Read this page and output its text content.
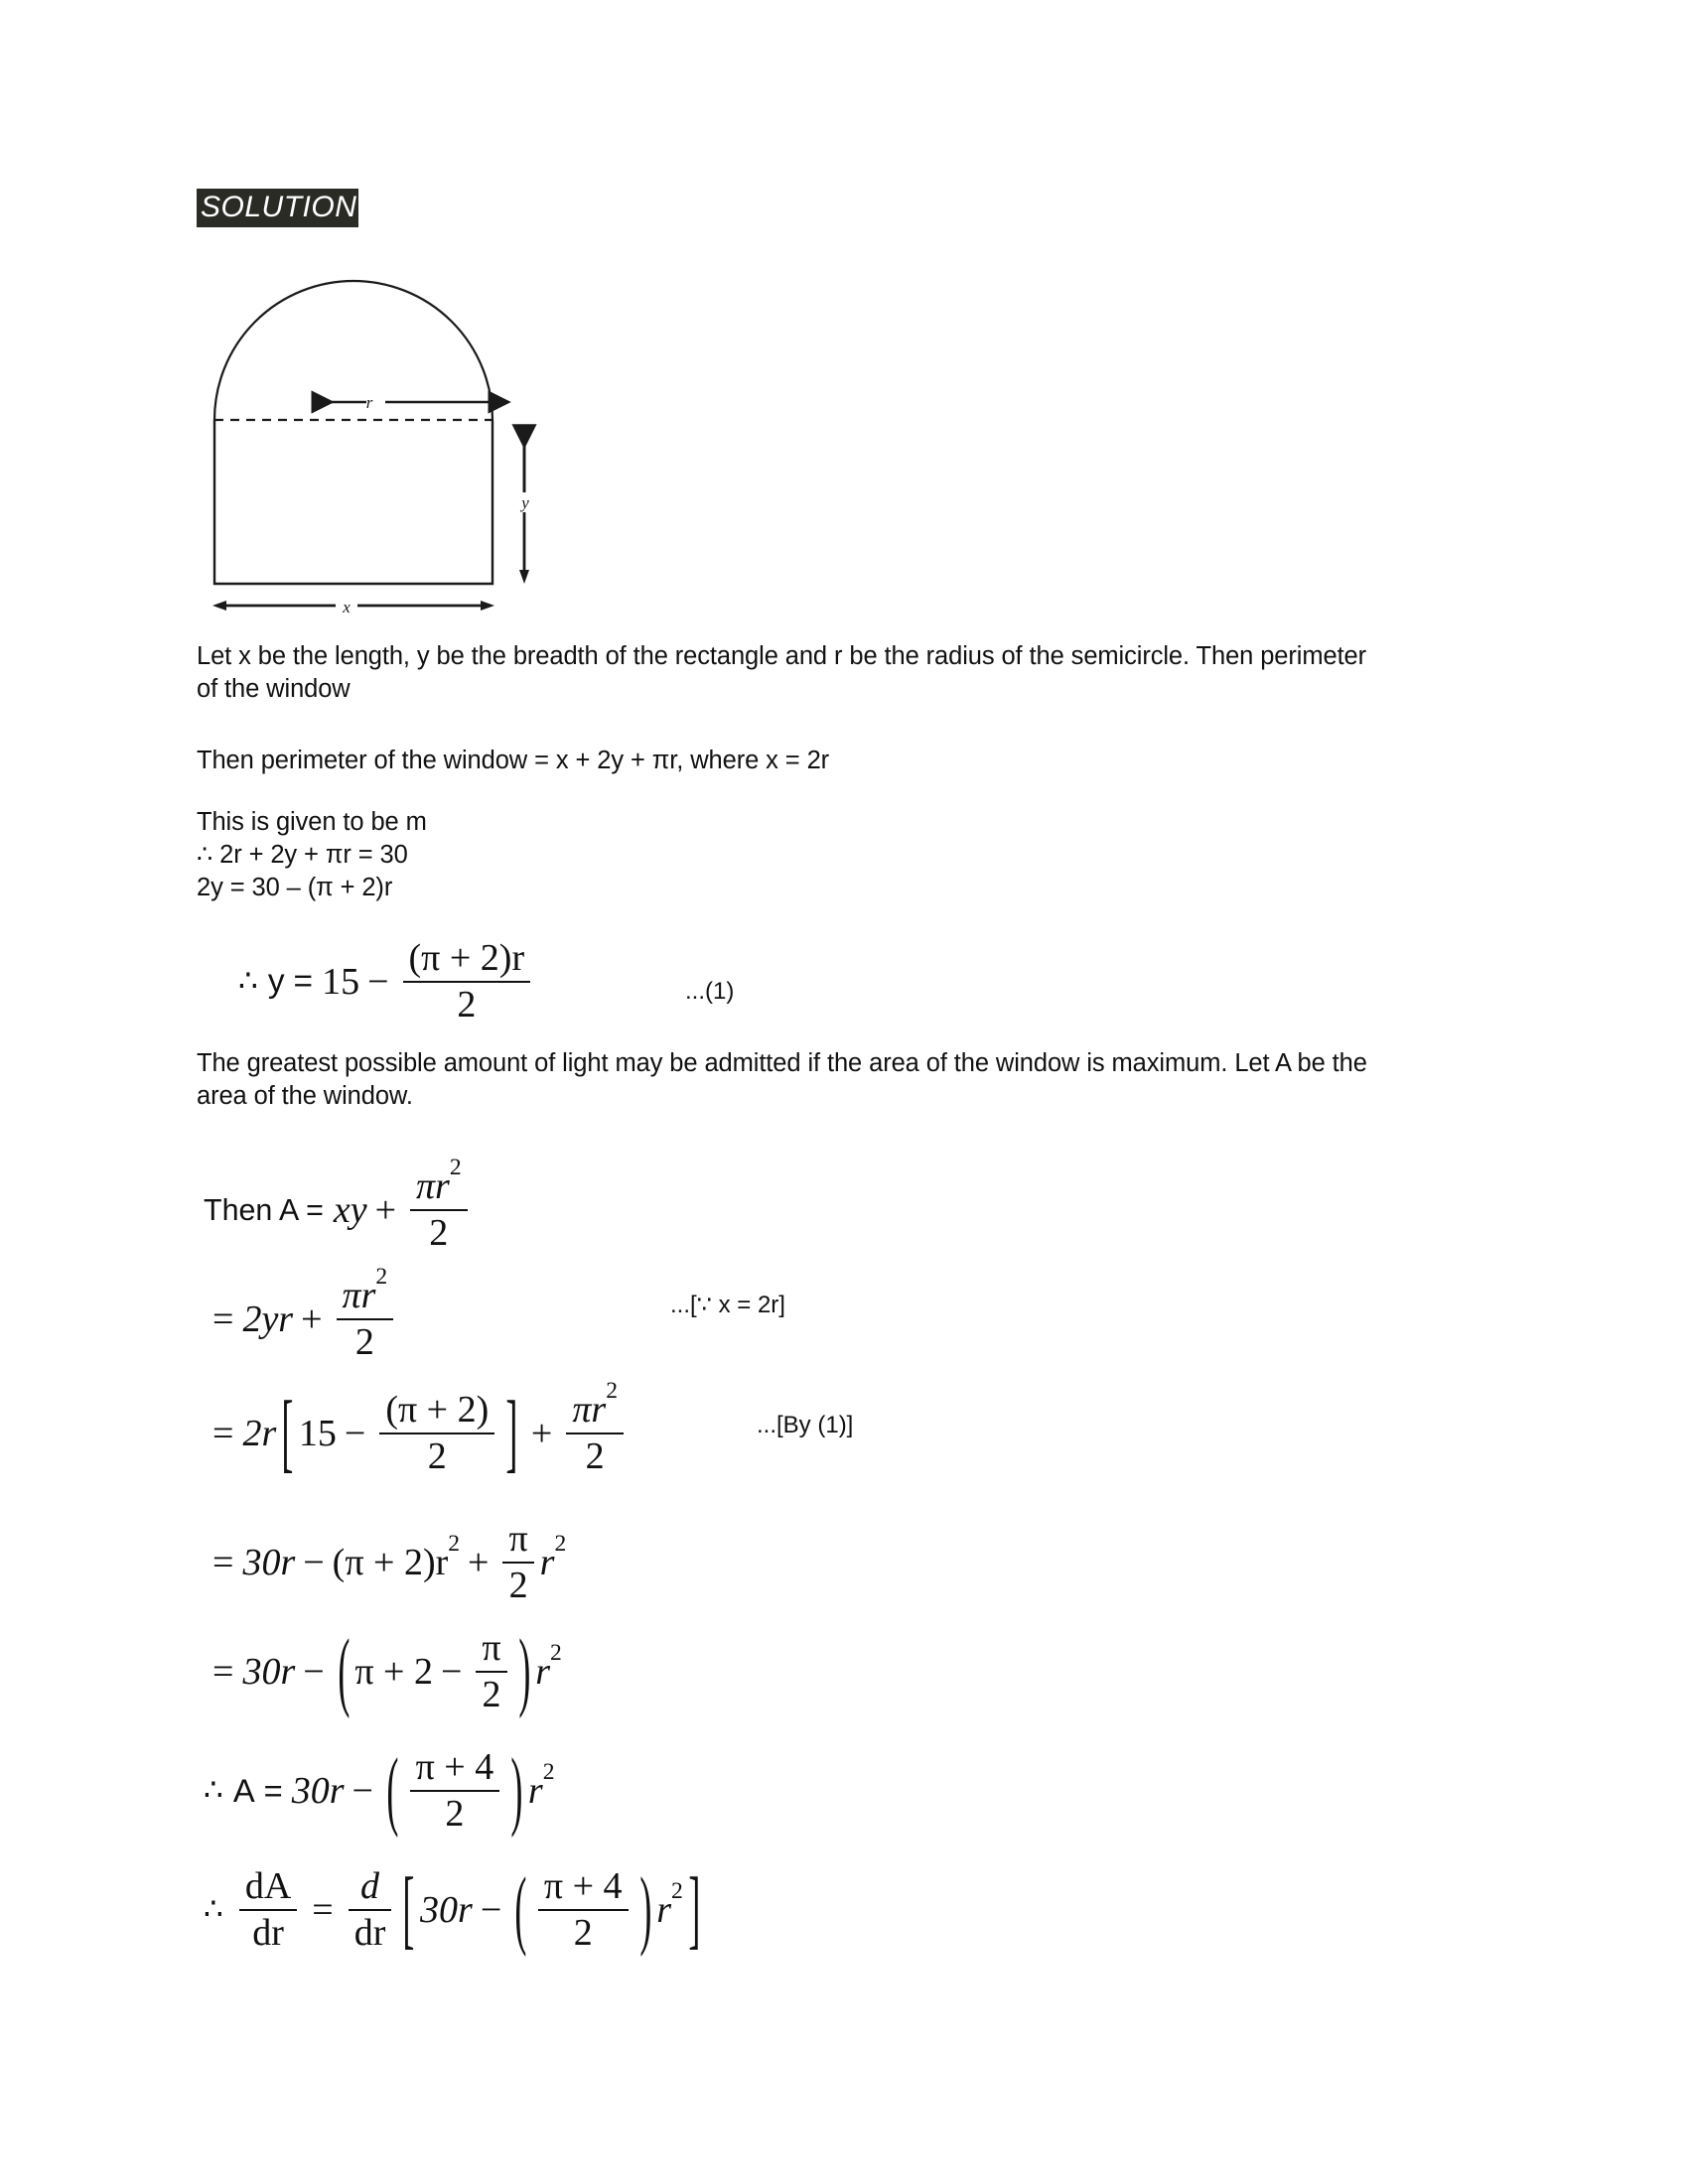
SOLUTION
r
y
x
Let x be the length, y be the breadth of the rectangle and r be the radius of the semicircle. Then perimeter of the window
Then perimeter of the window = x + 2y + πr, where x = 2r
This is given to be m
∴ 2r + 2y + πr = 30
2y = 30 – (π + 2)r
∴ $y = 15 - \frac{(\pi + 2)r}{2}$	...(1)
The greatest possible amount of light may be admitted if the area of the window is maximum. Let A be the area of the window.
Then A = xy + $\frac{\pi r^2}{2}$
= $2yr + \frac{\pi r^2}{2}$	...[∵ x = 2r]
= 2r [ $15 - \frac{(\pi + 2)}{2}$ ] + $\frac{\pi r^2}{2}$	...[By (1)]
= $30r - (\pi + 2)r^2 + \frac{\pi}{2} r^2$
= 30r − ( $\pi + 2 - \frac{\pi}{2}$ ) $r^2$
∴ A = 30r − ( $\frac{\pi + 4}{2}$ ) $r^2$
∴ $\frac{dA}{dr} = \frac{d}{dr}$ [ 30r − ( $\frac{\pi + 4}{2}$ ) $r^2$ ]
